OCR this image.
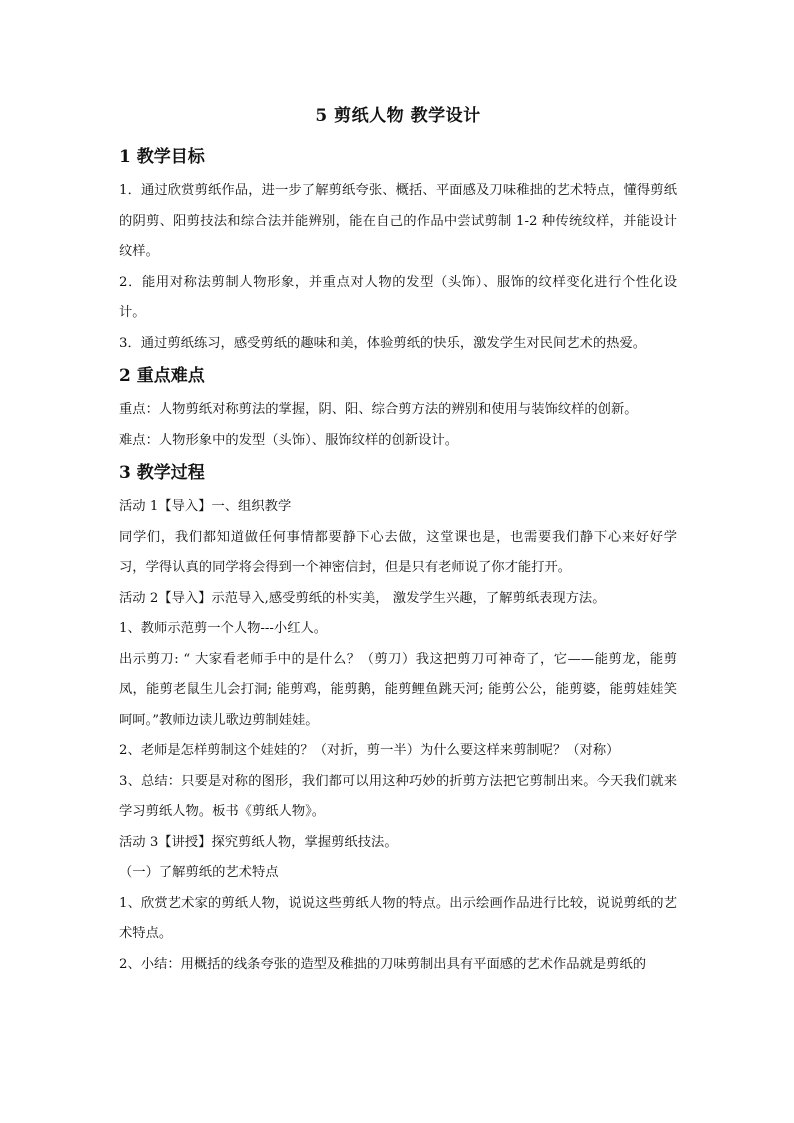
5 剪纸人物 教学设计
1 教学目标

1．通过欣赏剪纸作品，进一步了解剪纸夸张、概括、平面感及刀味稚拙的艺术特点，懂得剪纸的阴剪、阳剪技法和综合法并能辨别，能在自己的作品中尝试剪制 1-2 种传统纹样，并能设计纹样。

2．能用对称法剪制人物形象，并重点对人物的发型（头饰）、服饰的纹样变化进行个性化设计。

3．通过剪纸练习，感受剪纸的趣味和美，体验剪纸的快乐，激发学生对民间艺术的热爱。

2 重点难点

重点：人物剪纸对称剪法的掌握，阴、阳、综合剪方法的辨别和使用与装饰纹样的创新。

难点：人物形象中的发型（头饰）、服饰纹样的创新设计。

3 教学过程

活动 1【导入】一、组织教学

同学们，我们都知道做任何事情都要静下心去做，这堂课也是，也需要我们静下心来好好学习，学得认真的同学将会得到一个神密信封，但是只有老师说了你才能打开。

活动 2【导入】示范导入,感受剪纸的朴实美， 激发学生兴趣，了解剪纸表现方法。

1、教师示范剪一个人物---小红人。

出示剪刀: “ 大家看老师手中的是什么？（剪刀）我这把剪刀可神奇了，它——能剪龙，能剪凤，能剪老鼠生儿会打洞; 能剪鸡，能剪鹅，能剪鲤鱼跳天河; 能剪公公，能剪婆，能剪娃娃笑呵呵。”教师边读儿歌边剪制娃娃。

2、老师是怎样剪制这个娃娃的？（对折，剪一半）为什么要这样来剪制呢？（对称）

3、总结：只要是对称的图形，我们都可以用这种巧妙的折剪方法把它剪制出来。今天我们就来学习剪纸人物。板书《剪纸人物》。

活动 3【讲授】探究剪纸人物，掌握剪纸技法。

（一）了解剪纸的艺术特点

1、欣赏艺术家的剪纸人物，说说这些剪纸人物的特点。出示绘画作品进行比较，说说剪纸的艺术特点。

2、小结：用概括的线条夸张的造型及稚拙的刀味剪制出具有平面感的艺术作品就是剪纸的
